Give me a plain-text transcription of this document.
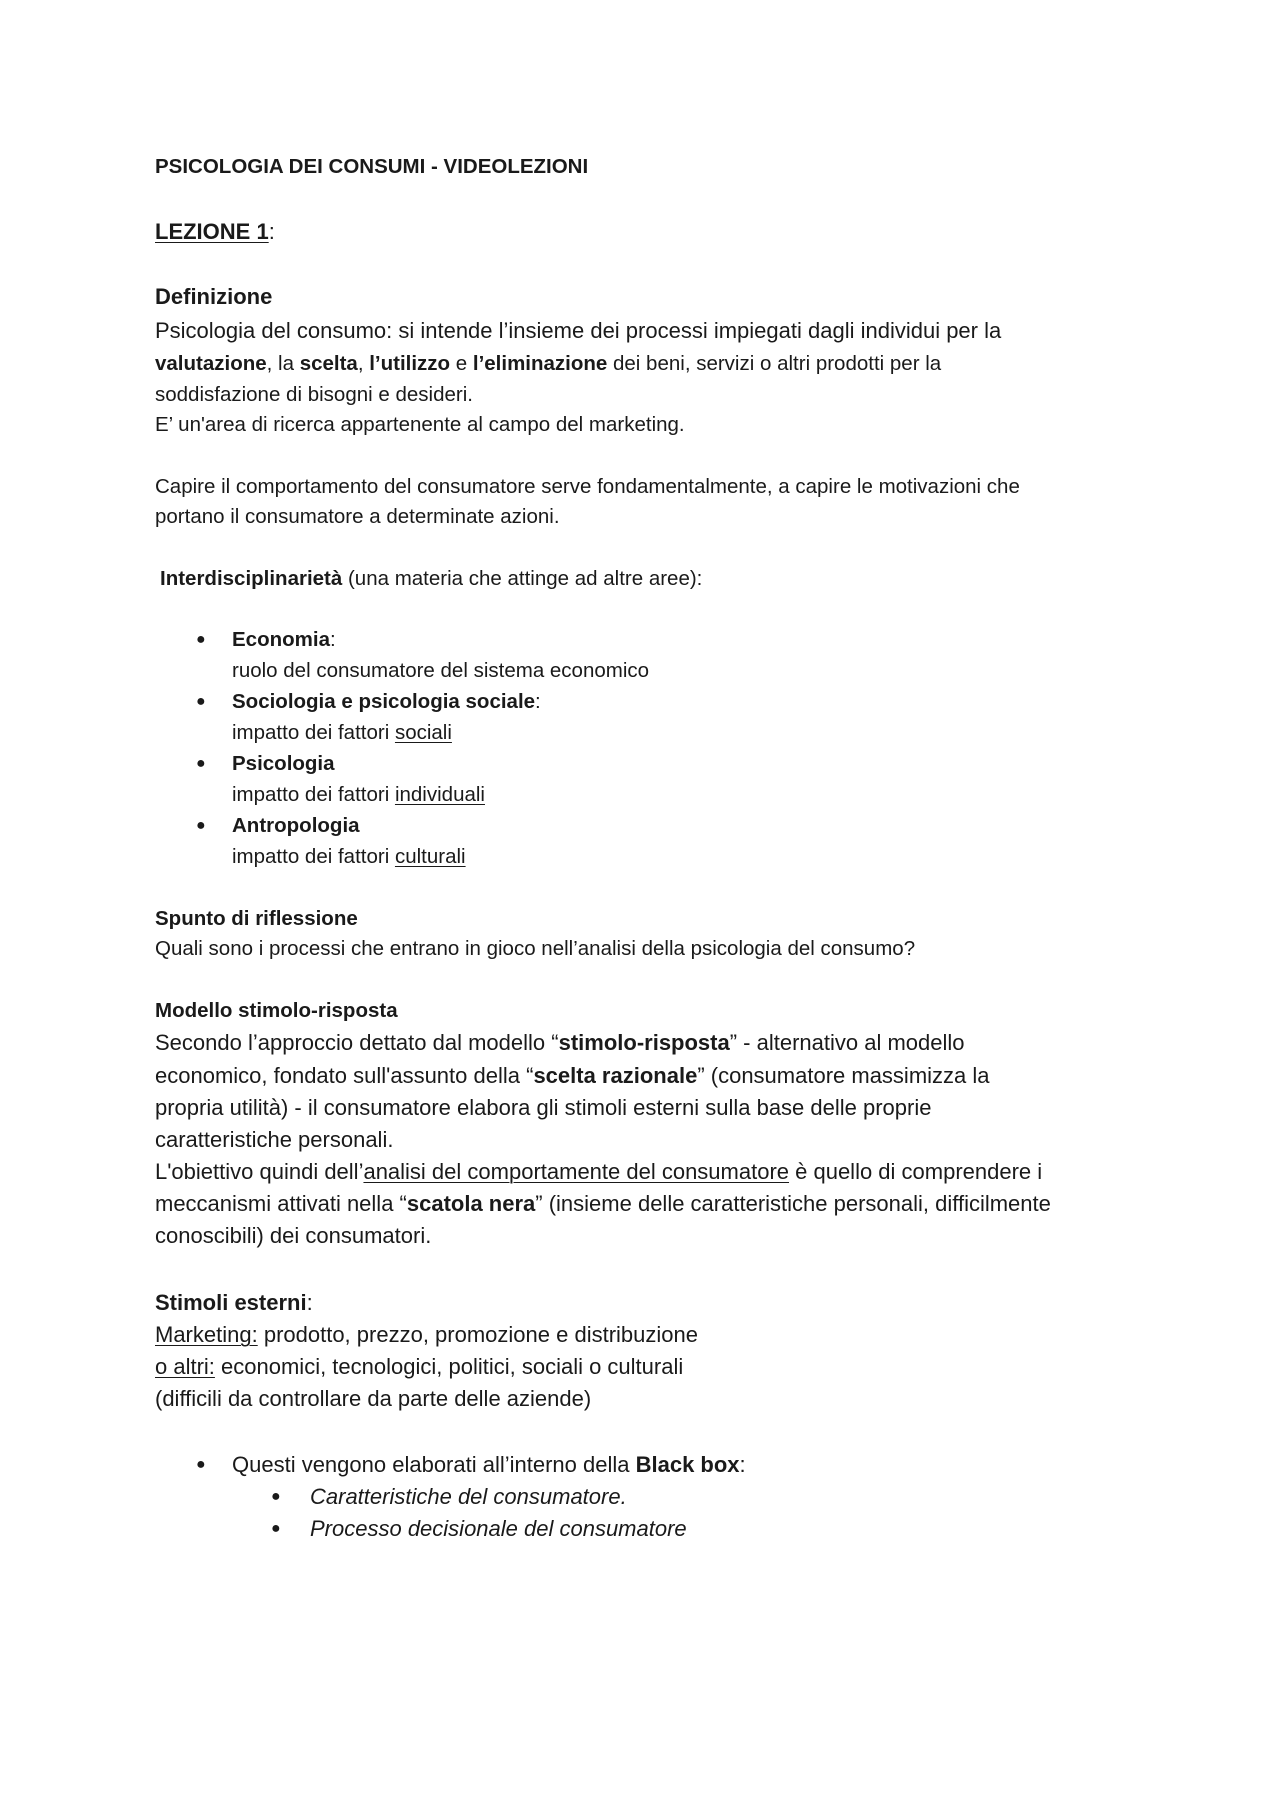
PSICOLOGIA DEI CONSUMI - VIDEOLEZIONI

LEZIONE 1:

Definizione

Psicologia del consumo: si intende l’insieme dei processi impiegati dagli individui per la

valutazione, la scelta, l’utilizzo e l’eliminazione dei beni, servizi o altri prodotti per la

soddisfazione di bisogni e desideri.

E’ un'area di ricerca appartenente al campo del marketing.

Capire il comportamento del consumatore serve fondamentalmente, a capire le motivazioni che

portano il consumatore a determinate azioni.

Interdisciplinarietà (una materia che attinge ad altre aree):

● Economia:

ruolo del consumatore del sistema economico

● Sociologia e psicologia sociale:

impatto dei fattori sociali

● Psicologia

impatto dei fattori individuali

● Antropologia

impatto dei fattori culturali

Spunto di riflessione

Quali sono i processi che entrano in gioco nell’analisi della psicologia del consumo?

Modello stimolo-risposta

Secondo l’approccio dettato dal modello “stimolo-risposta” - alternativo al modello

economico, fondato sull'assunto della “scelta razionale” (consumatore massimizza la

propria utilità) - il consumatore elabora gli stimoli esterni sulla base delle proprie

caratteristiche personali.

L'obiettivo quindi dell’analisi del comportamente del consumatore è quello di comprendere i

meccanismi attivati nella “scatola nera” (insieme delle caratteristiche personali, difficilmente

conoscibili) dei consumatori.

Stimoli esterni:

Marketing: prodotto, prezzo, promozione e distribuzione

o altri: economici, tecnologici, politici, sociali o culturali

(difficili da controllare da parte delle aziende)

● Questi vengono elaborati all’interno della Black box:

● Caratteristiche del consumatore.

● Processo decisionale del consumatore
